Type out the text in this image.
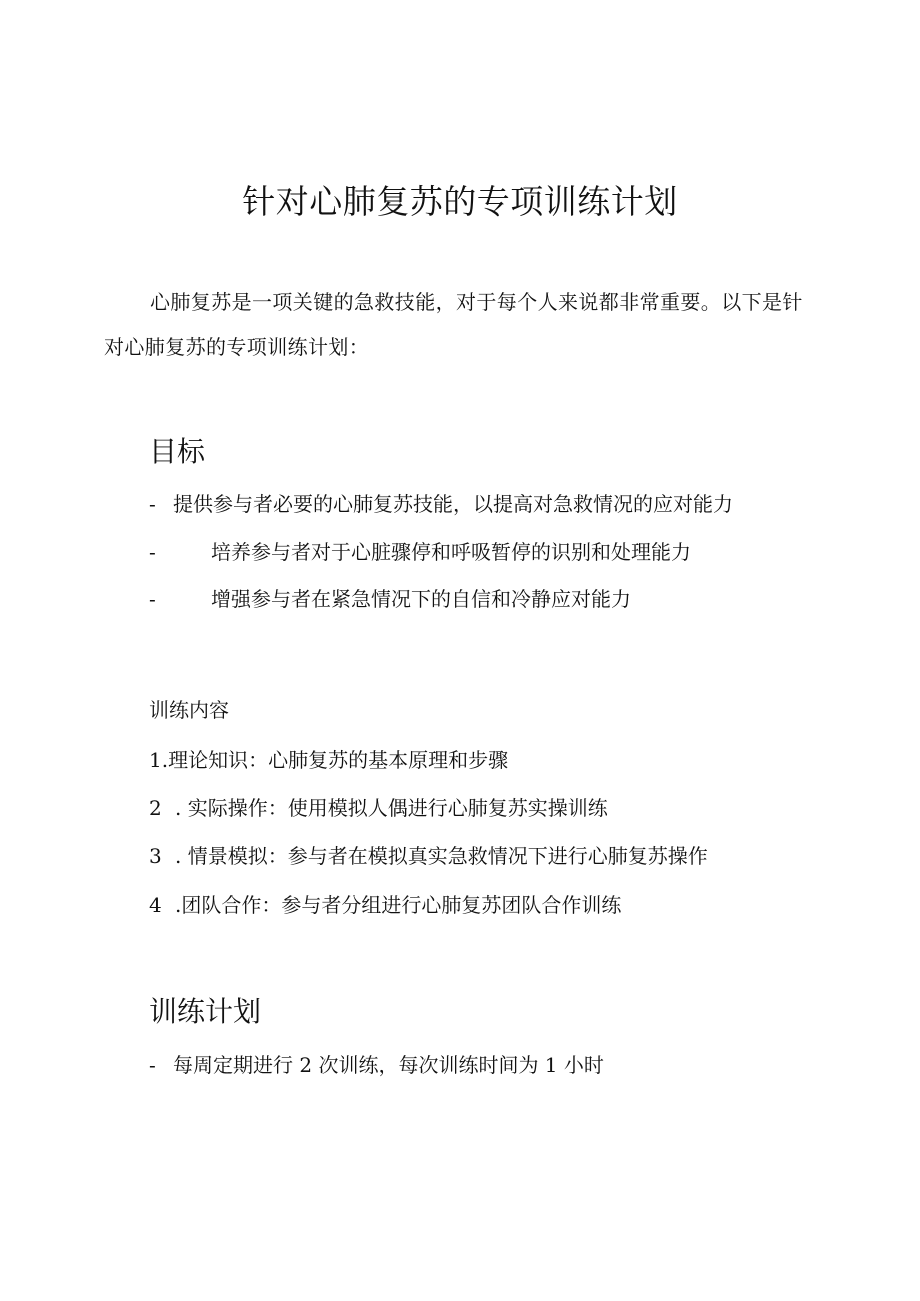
针对心肺复苏的专项训练计划

心肺复苏是一项关键的急救技能，对于每个人来说都非常重要。以下是针对心肺复苏的专项训练计划：

目标

- 提供参与者必要的心肺复苏技能，以提高对急救情况的应对能力

-	培养参与者对于心脏骤停和呼吸暂停的识别和处理能力

-	增强参与者在紧急情况下的自信和冷静应对能力

训练内容

1.理论知识：心肺复苏的基本原理和步骤

2 . 实际操作：使用模拟人偶进行心肺复苏实操训练

3 . 情景模拟：参与者在模拟真实急救情况下进行心肺复苏操作

4 .团队合作：参与者分组进行心肺复苏团队合作训练

训练计划

- 每周定期进行 2 次训练，每次训练时间为 1 小时
